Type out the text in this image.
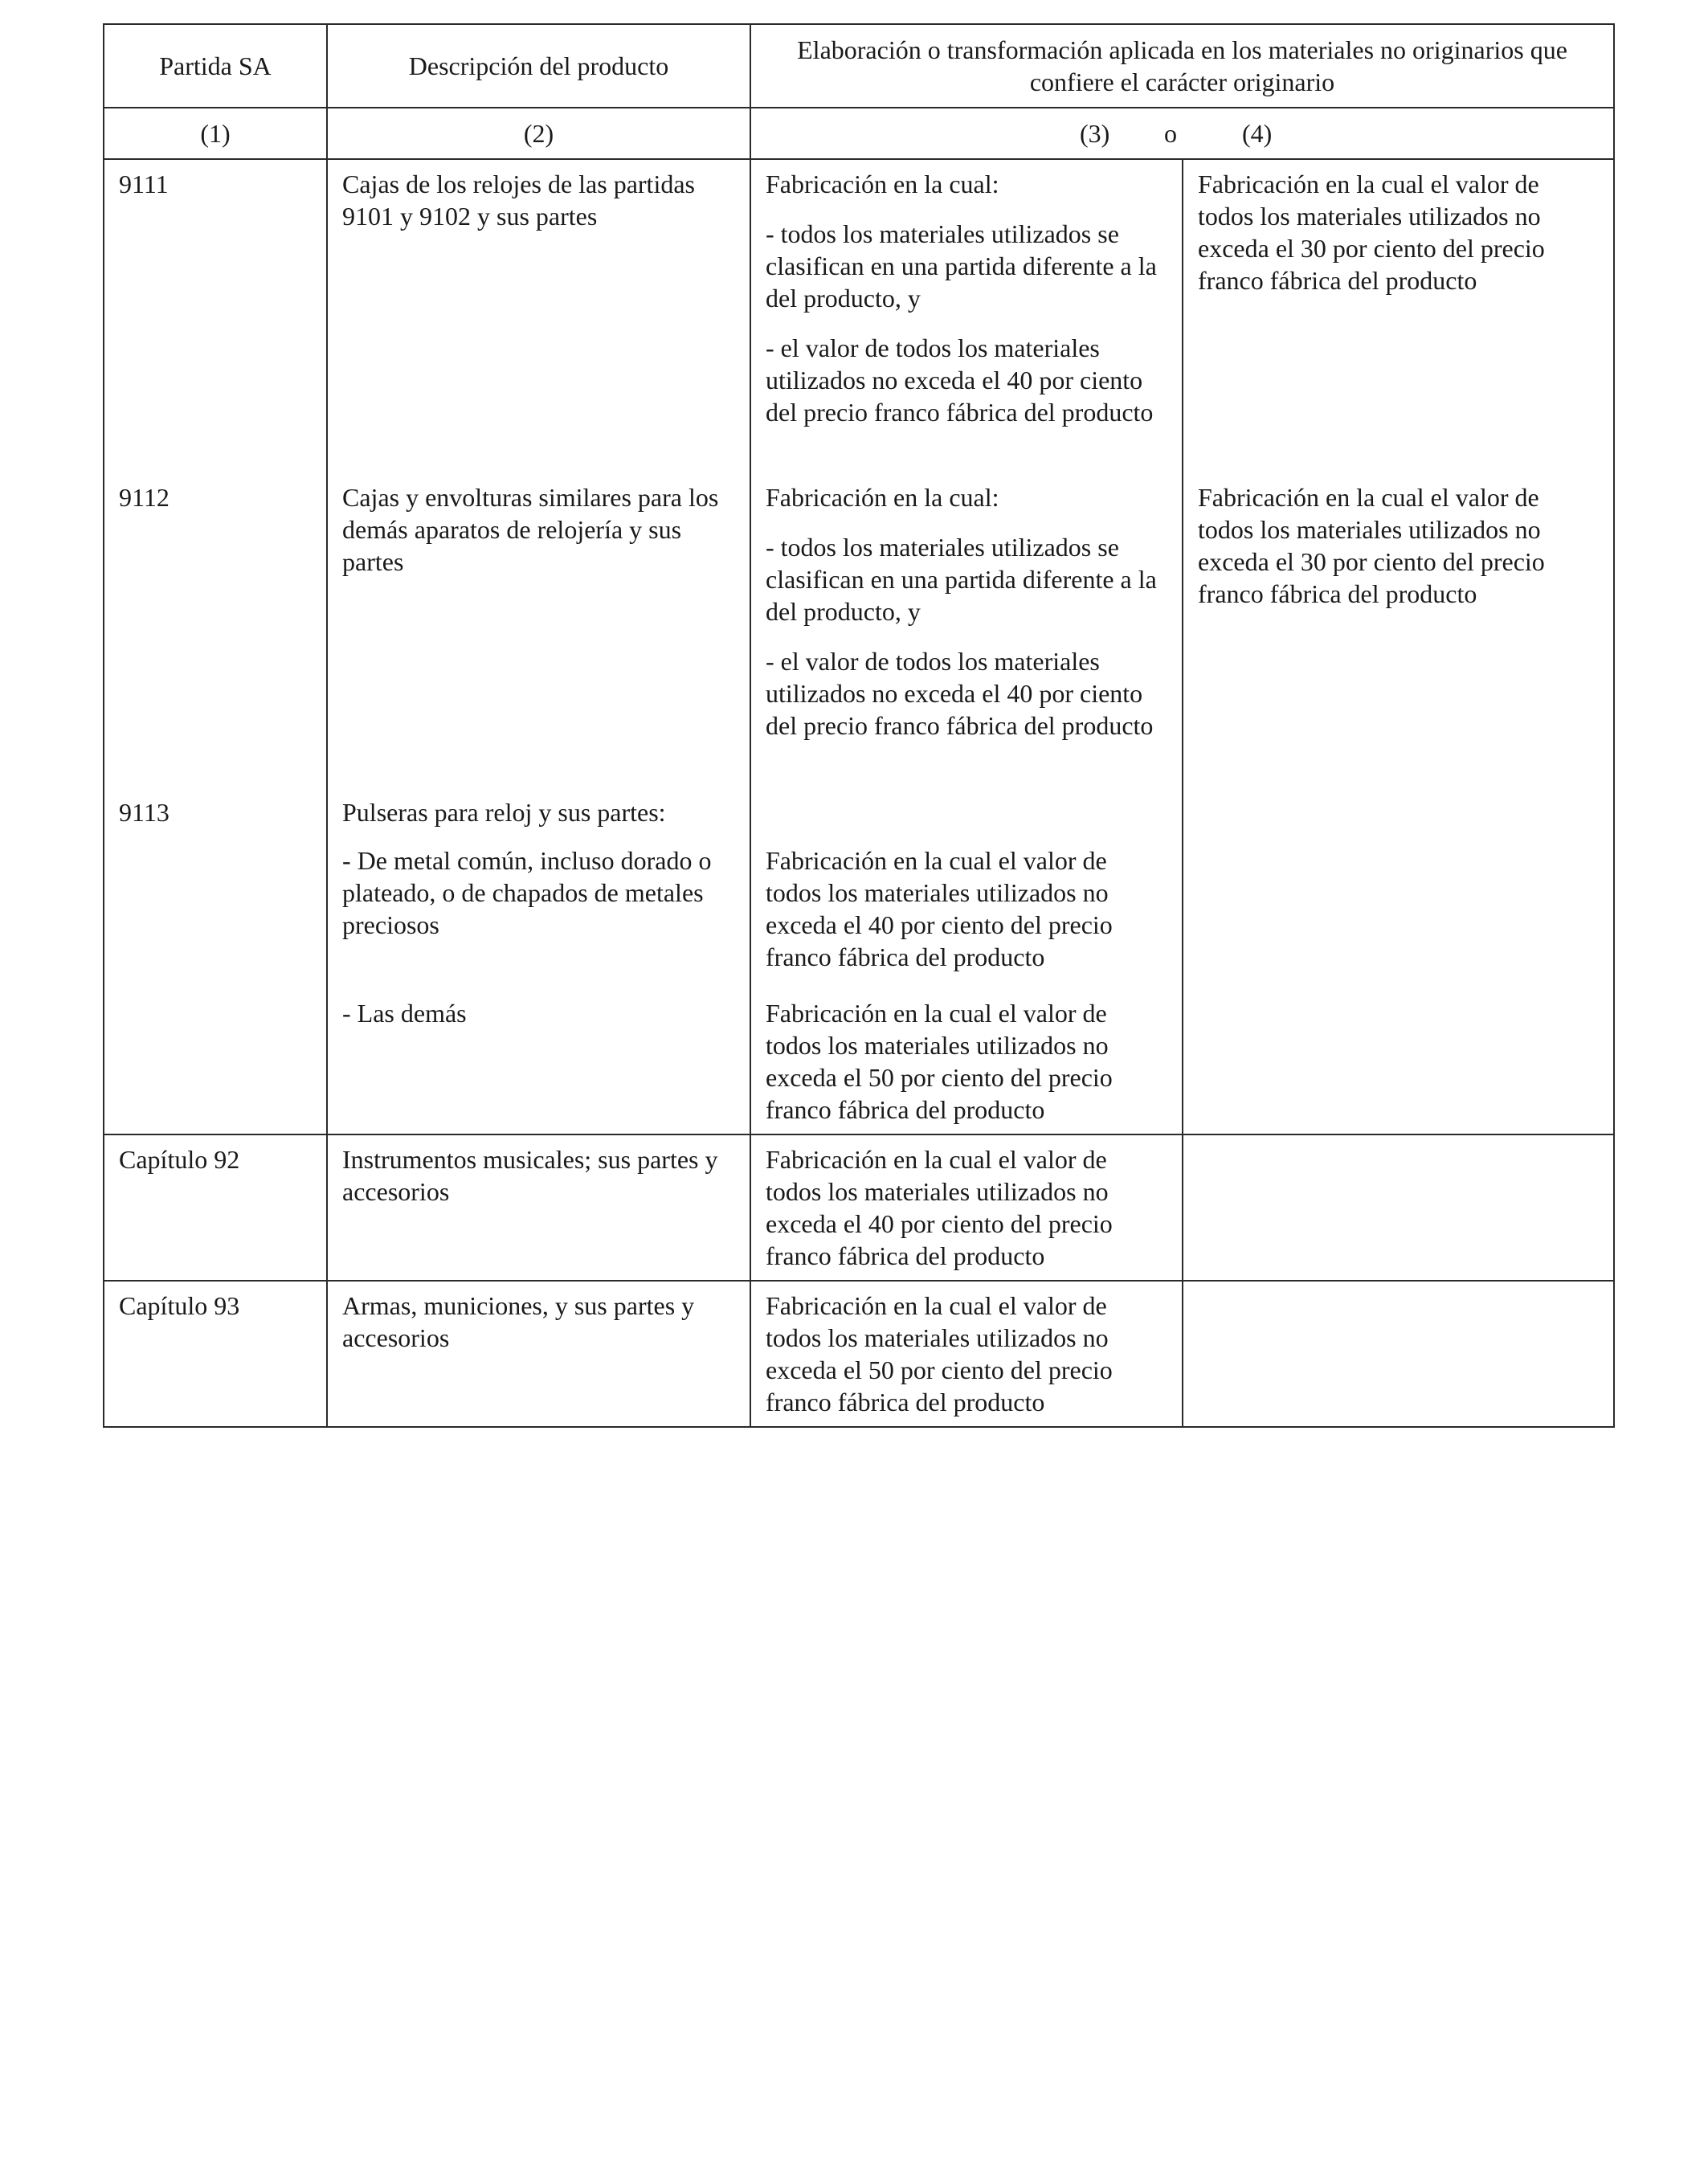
Partida SA	Descripción del producto	Elaboración o transformación aplicada en los materiales no originarios que confiere el carácter originario	
(1)	(2)	(3) o (4)	

9111	Cajas de los relojes de las partidas 9101 y 9102 y sus partes	Fabricación en la cual:

- todos los materiales utilizados se clasifican en una partida diferente a la del producto, y

- el valor de todos los materiales utilizados no exceda el 40 por ciento del precio franco fábrica del producto	Fabricación en la cual el valor de todos los materiales utilizados no exceda el 30 por ciento del precio franco fábrica del producto
9112	Cajas y envolturas similares para los demás aparatos de relojería y sus partes	Fabricación en la cual:

- todos los materiales utilizados se clasifican en una partida diferente a la del producto, y

- el valor de todos los materiales utilizados no exceda el 40 por ciento del precio franco fábrica del producto	Fabricación en la cual el valor de todos los materiales utilizados no exceda el 30 por ciento del precio franco fábrica del producto
9113	Pulseras para reloj y sus partes:		
	- De metal común, incluso dorado o plateado, o de chapados de metales preciosos	Fabricación en la cual el valor de todos los materiales utilizados no exceda el 40 por ciento del precio franco fábrica del producto	
	- Las demás	Fabricación en la cual el valor de todos los materiales utilizados no exceda el 50 por ciento del precio franco fábrica del producto	
Capítulo 92	Instrumentos musicales; sus partes y accesorios	Fabricación en la cual el valor de todos los materiales utilizados no exceda el 40 por ciento del precio franco fábrica del producto	
Capítulo 93	Armas, municiones, y sus partes y accesorios	Fabricación en la cual el valor de todos los materiales utilizados no exceda el 50 por ciento del precio franco fábrica del producto	
